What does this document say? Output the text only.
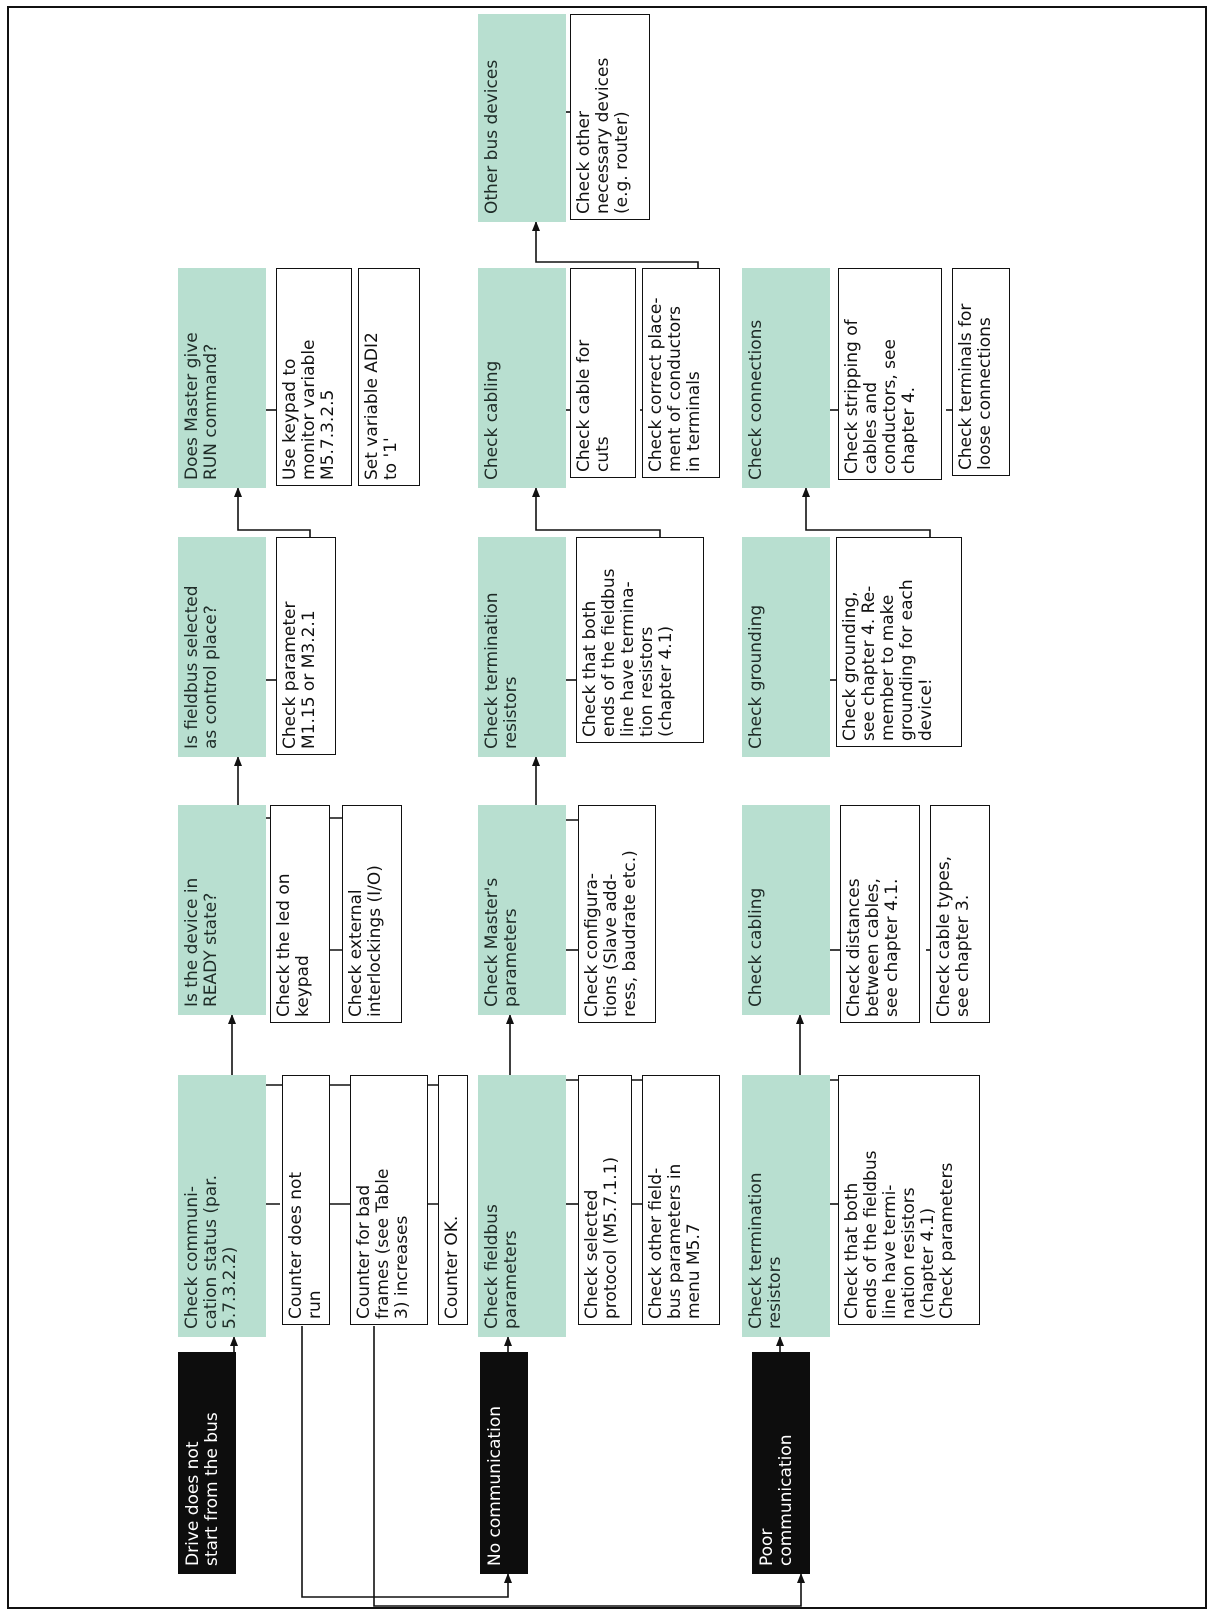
Drive does not
start from the bus	No communication	Poor
communication
Check communi-
cation status (par.
5.7.3.2.2)	Counter does not
run	Counter for bad
frames (see Table
3) increases	Counter OK.
Is the device in
READY state?
Check the led on
keypad	Check external
interlockings (I/O)
Is fieldbus selected
as control place?
Check parameter
M1.15 or M3.2.1
Does Master give
RUN command?
Use keypad to
monitor variable
M5.7.3.2.5	Set variable ADI2
to '1'
Check fieldbus
parameters	Check selected
protocol (M5.7.1.1)
Check other field-
bus parameters in
menu M5.7
Check Master's
parameters	Check configura-
tions (Slave add-
ress, baudrate etc.)
Check termination
resistors	Check that both
ends of the fieldbus
line have termina-
tion resistors
(chapter 4.1)
Check cabling	Check cable for
cuts	Check correct place-
ment of conductors
in terminals
Other bus devices	Check other
necessary devices
(e.g. router)
Check termination
resistors	Check that both
ends of the fieldbus
line have termi-
nation resistors
(chapter 4.1)
Check parameters
Check cabling	Check distances
between cables,
see chapter 4.1.
Check cable types,
see chapter 3.
Check grounding	Check grounding,
see chapter 4. Re-
member to make
grounding for each
device!
Check connections	Check stripping of
cables and
conductors, see
chapter 4.
Check terminals for
loose connections
